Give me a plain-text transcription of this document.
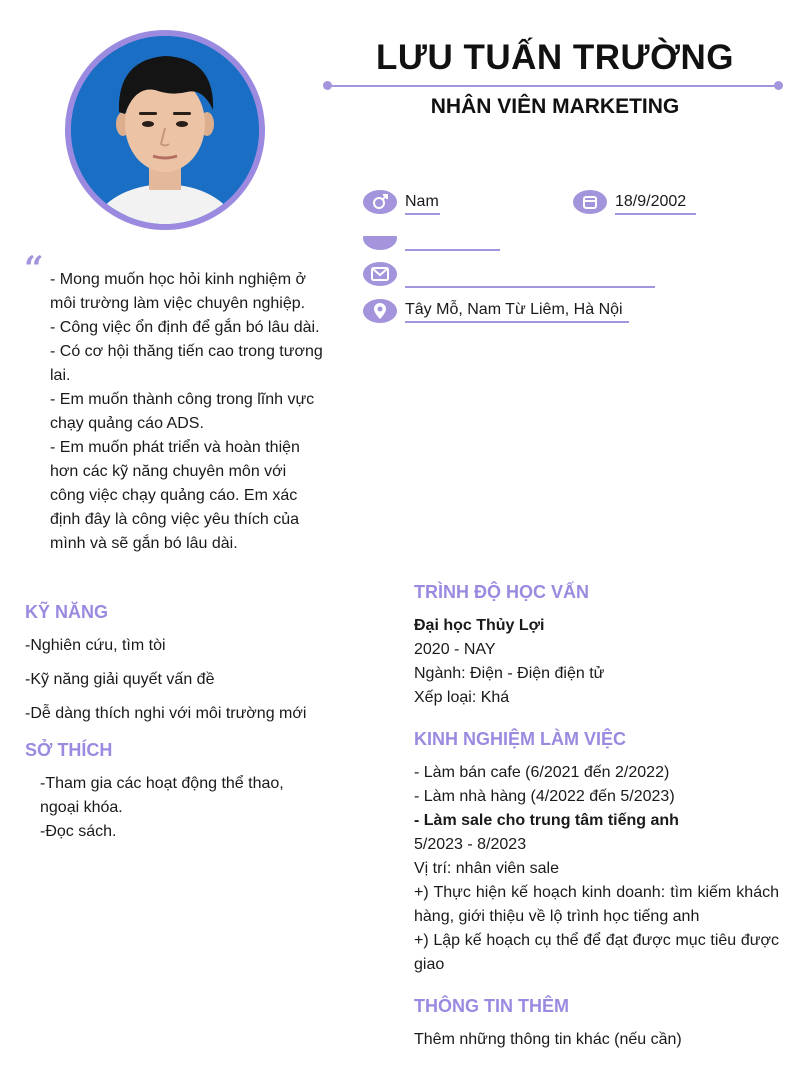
LƯU TUẤN TRƯỜNG
NHÂN VIÊN MARKETING
Nam	18/9/2002
Tây Mỗ, Nam Từ Liêm, Hà Nội
“ - Mong muốn học hỏi kinh nghiệm ở môi trường làm việc chuyên nghiệp.
- Công việc ổn định để gắn bó lâu dài.
- Có cơ hội thăng tiến cao trong tương lai.
- Em muốn thành công trong lĩnh vực chạy quảng cáo ADS.
- Em muốn phát triển và hoàn thiện hơn các kỹ năng chuyên môn với công việc chạy quảng cáo. Em xác định đây là công việc yêu thích của mình và sẽ gắn bó lâu dài.
KỸ NĂNG
-Nghiên cứu, tìm tòi
-Kỹ năng giải quyết vấn đề
-Dễ dàng thích nghi với môi trường mới
SỞ THÍCH
-Tham gia các hoạt động thể thao, ngoại khóa.
-Đọc sách.
TRÌNH ĐỘ HỌC VẤN
Đại học Thủy Lợi
2020 - NAY
Ngành: Điện - Điện điện tử
Xếp loại: Khá
KINH NGHIỆM LÀM VIỆC
- Làm bán cafe (6/2021 đến 2/2022)
- Làm nhà hàng (4/2022 đến 5/2023)
- Làm sale cho trung tâm tiếng anh
5/2023 - 8/2023
Vị trí: nhân viên sale
+) Thực hiện kế hoạch kinh doanh: tìm kiếm khách hàng, giới thiệu về lộ trình học tiếng anh
+) Lập kế hoạch cụ thể để đạt được mục tiêu được giao
THÔNG TIN THÊM
Thêm những thông tin khác (nếu cần)
